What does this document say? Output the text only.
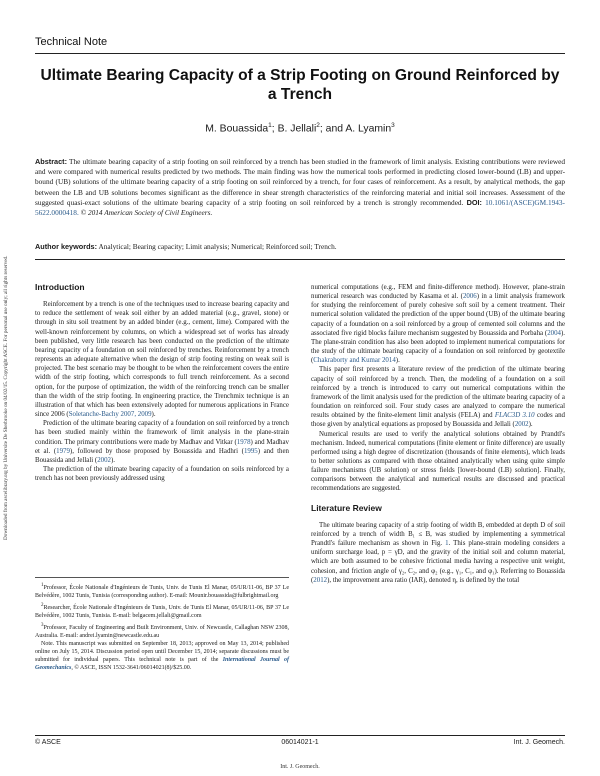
Downloaded from ascelibrary.org by Universite De Sherbrooke on 04/02/15. Copyright ASCE. For personal use only; all rights reserved.
Technical Note
Ultimate Bearing Capacity of a Strip Footing on Ground Reinforced by a Trench
M. Bouassida$^1$; B. Jellali$^2$; and A. Lyamin$^3$
Abstract: The ultimate bearing capacity of a strip footing on soil reinforced by a trench has been studied in the framework of limit analysis. Existing contributions were reviewed and were compared with numerical results predicted by two methods. The main finding was how the numerical tools performed in predicting closed lower-bound (LB) and upper-bound (UB) solutions of the ultimate bearing capacity of a strip footing on soil reinforced by a trench, for four cases of reinforcement. As a result, by analytical methods, the gap between the LB and UB solutions becomes significant as the difference in shear strength characteristics of the reinforcing material and initial soil increases. Assessment of the suggested quasi-exact solutions of the ultimate bearing capacity of a strip footing on soil reinforced by a trench is strongly recommended. DOI: 10.1061/(ASCE)GM.1943-5622.0000418. © 2014 American Society of Civil Engineers.
Author keywords: Analytical; Bearing capacity; Limit analysis; Numerical; Reinforced soil; Trench.

Introduction

Reinforcement by a trench is one of the techniques used to increase bearing capacity and to reduce the settlement of weak soil either by an added material (e.g., gravel, stone) or through in situ soil treatment by an added binder (e.g., cement, lime). Compared with the well-known reinforcement by columns, on which a widespread set of works has already been published, very little research has been conducted on the prediction of the ultimate bearing capacity of a foundation on soil reinforced by trenches. Reinforcement by a trench represents an adequate alternative when the design of strip footing resting on weak soil is projected. The best scenario may be thought to be when the reinforcement covers the entire width of the strip footing, which corresponds to full trench reinforcement. As a second option, for the purpose of optimization, the width of the reinforcing trench can be smaller than the width of the strip footing. In engineering practice, the Trenchmix technique is an illustration of that which has been extensively adopted for numerous applications in France since 2006 (Soletanche-Bachy 2007, 2009).

Prediction of the ultimate bearing capacity of a foundation on soil reinforced by a trench has been studied mainly within the framework of limit analysis in the plane-strain condition. The primary contributions were made by Madhav and Vitkar (1978) and Madhav et al. (1979), followed by those proposed by Bouassida and Hadhri (1995) and then Bouassida and Jellali (2002).

The prediction of the ultimate bearing capacity of a foundation on soils reinforced by a trench has not been previously addressed using

$^1$Professor, École Nationale d'Ingénieurs de Tunis, Univ. de Tunis El Manar, 05/UR/11-06, BP 37 Le Belvédère, 1002 Tunis, Tunisia (corresponding author). E-mail: Mounir.bouassida@fulbrightmail.org

$^2$Researcher, École Nationale d'Ingénieurs de Tunis, Univ. de Tunis El Manar, 05/UR/11-06, BP 37 Le Belvédère, 1002 Tunis, Tunisia. E-mail: belgacem.jellali@gmail.com

$^3$Professor, Faculty of Engineering and Built Environment, Univ. of Newcastle, Callaghan NSW 2308, Australia. E-mail: andrei.lyamin@newcastle.edu.au

Note. This manuscript was submitted on September 18, 2013; approved on May 13, 2014; published online on July 15, 2014. Discussion period open until December 15, 2014; separate discussions must be submitted for individual papers. This technical note is part of the International Journal of Geomechanics, © ASCE, ISSN 1532-3641/06014021(8)/$25.00.

numerical computations (e.g., FEM and finite-difference method). However, plane-strain numerical research was conducted by Kasama et al. (2006) in a limit analysis framework for studying the reinforcement of purely cohesive soft soil by a cement treatment. Their numerical solution validated the prediction of the upper bound (UB) of the ultimate bearing capacity of a foundation on a soil reinforced by a group of cemented soil columns and the associated five rigid blocks failure mechanism suggested by Bouassida and Porbaha (2004). The plane-strain condition has also been adopted to implement numerical computations for the study of the ultimate bearing capacity of a foundation on soil reinforced by geotextile (Chakraborty and Kumar 2014).

This paper first presents a literature review of the prediction of the ultimate bearing capacity of soil reinforced by a trench. Then, the modeling of a foundation on a soil reinforced by a trench is introduced to carry out numerical computations within the framework of the limit analysis used for the prediction of the ultimate bearing capacity of a foundation on reinforced soil. Four study cases are analyzed to compare the numerical results obtained by the finite-element limit analysis (FELA) and FLAC3D 3.10 codes and those given by analytical equations as proposed by Bouassida and Jellali (2002).

Numerical results are used to verify the analytical solutions obtained by Prandtl's mechanism. Indeed, numerical computations (finite element or finite difference) are usually performed using a high degree of discretization (thousands of finite elements), which leads to better solutions as compared with those obtained analytically when using quite simple failure mechanisms (UB solution) or stress fields [lower-bound (LB) solution]. Finally, comparisons between the analytical and numerical results are discussed and practical recommendations are suggested.

Literature Review

The ultimate bearing capacity of a strip footing of width B, embedded at depth D of soil reinforced by a trench of width B₁ ≤ B, was studied by implementing a symmetrical Prandtl's failure mechanism as shown in Fig. 1. This plane-strain modeling considers a uniform surcharge load, p = γD, and the gravity of the initial soil and column material, which are both assumed to be cohesive frictional media having a respective unit weight, cohesion, and friction angle of γ₂, C₂, and φ₂ (e.g., γ₁, C₁, and φ₁). Referring to Bouassida (2012), the improvement area ratio (IAR), denoted η, is defined by the total

© ASCE	06014021-1	Int. J. Geomech.
Int. J. Geomech.
